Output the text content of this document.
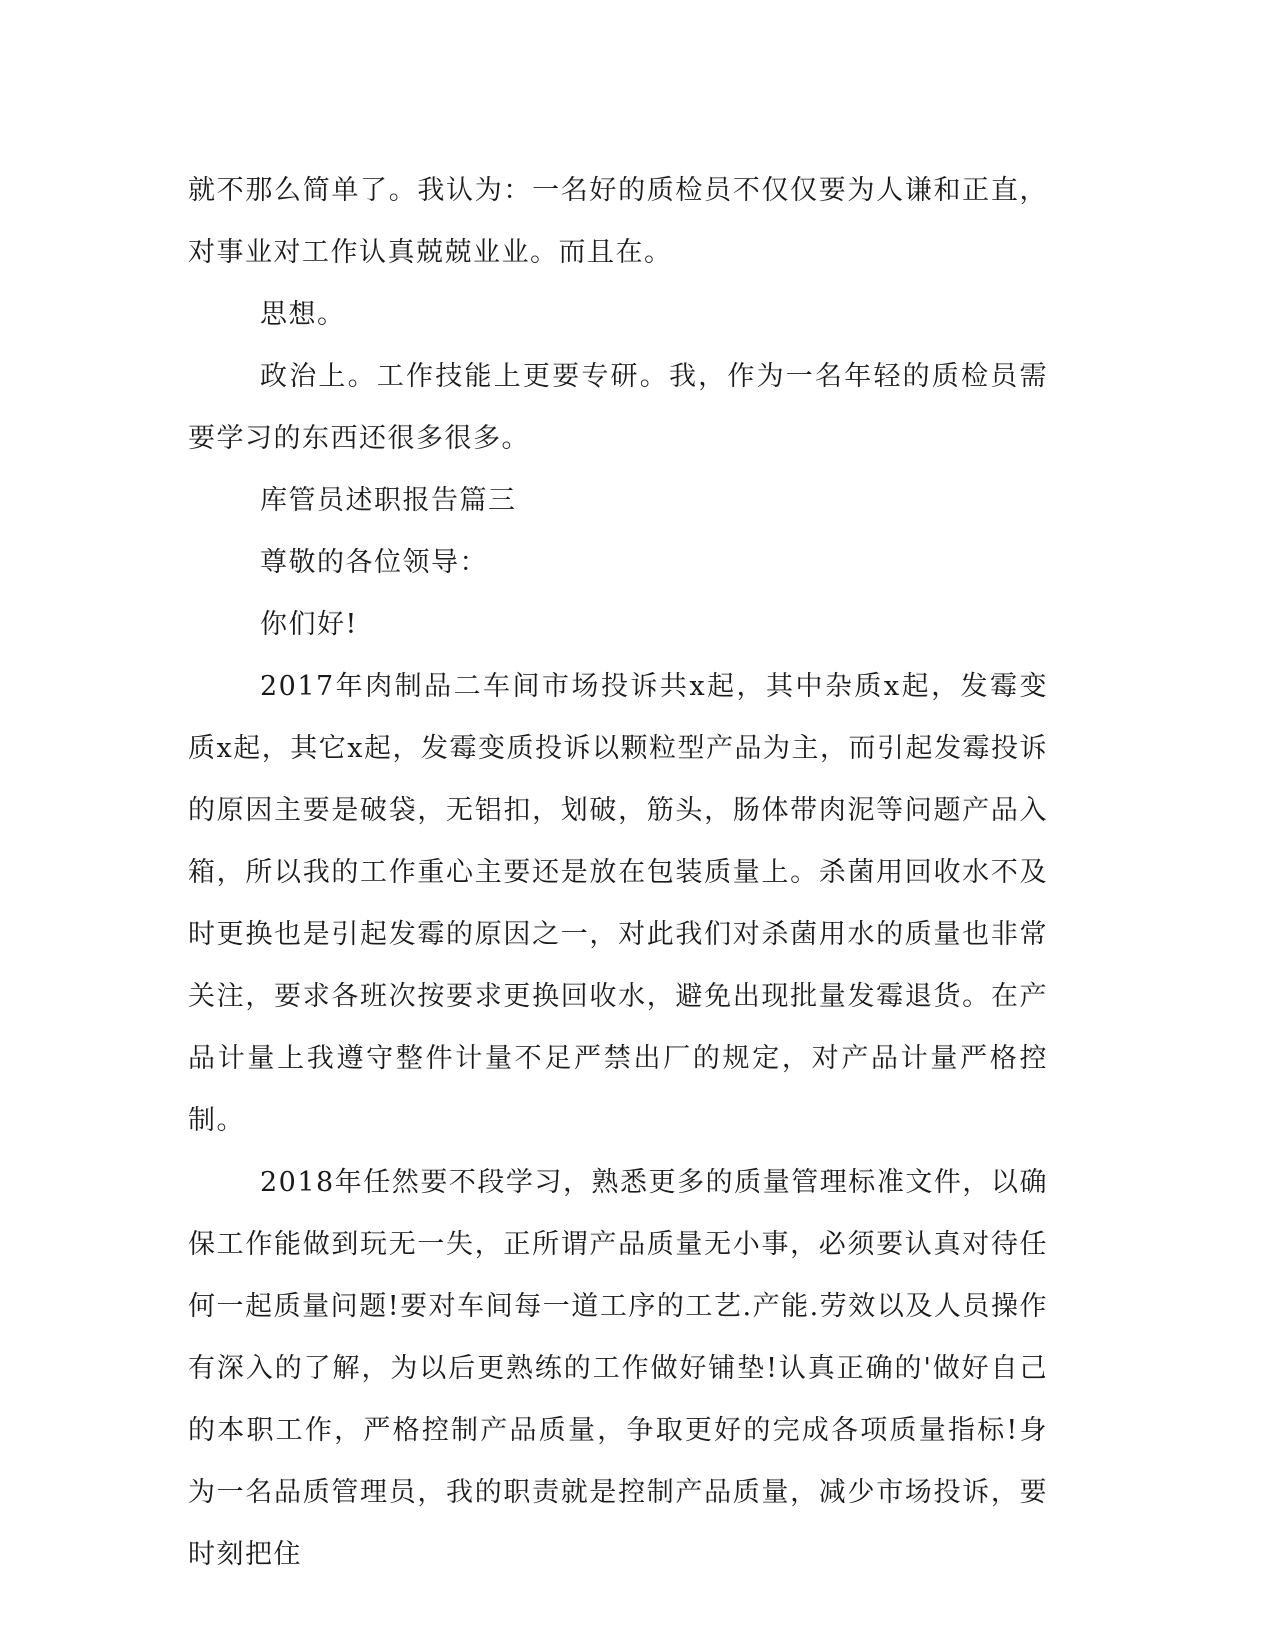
就不那么简单了。我认为：一名好的质检员不仅仅要为人谦和正直，对事业对工作认真兢兢业业。而且在。

思想。

政治上。工作技能上更要专研。我，作为一名年轻的质检员需要学习的东西还很多很多。

库管员述职报告篇三

尊敬的各位领导：

你们好!

2017年肉制品二车间市场投诉共x起，其中杂质x起，发霉变质x起，其它x起，发霉变质投诉以颗粒型产品为主，而引起发霉投诉的原因主要是破袋，无铝扣，划破，筋头，肠体带肉泥等问题产品入箱，所以我的工作重心主要还是放在包装质量上。杀菌用回收水不及时更换也是引起发霉的原因之一，对此我们对杀菌用水的质量也非常关注，要求各班次按要求更换回收水，避免出现批量发霉退货。在产品计量上我遵守整件计量不足严禁出厂的规定，对产品计量严格控制。

2018年任然要不段学习，熟悉更多的质量管理标准文件，以确保工作能做到玩无一失，正所谓产品质量无小事，必须要认真对待任何一起质量问题!要对车间每一道工序的工艺.产能.劳效以及人员操作有深入的了解，为以后更熟练的工作做好铺垫!认真正确的'做好自己的本职工作，严格控制产品质量，争取更好的完成各项质量指标!身为一名品质管理员，我的职责就是控制产品质量，减少市场投诉，要时刻把住
